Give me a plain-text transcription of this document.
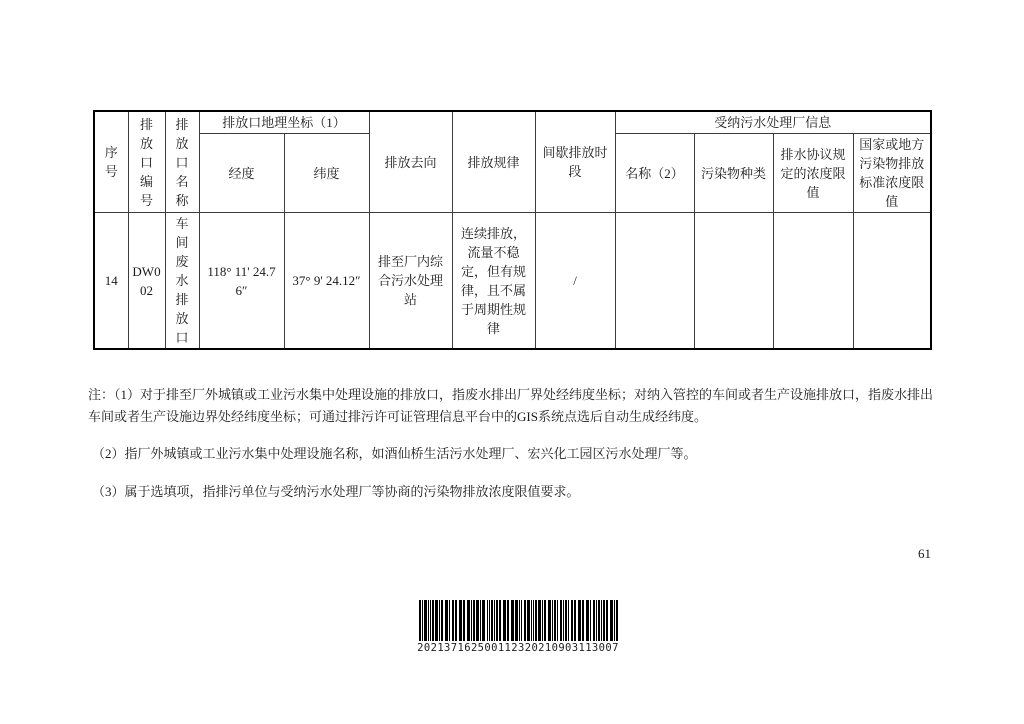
序号	排放口编号	排放口名称	排放口地理坐标（1）		排放去向	排放规律	间歇排放时段	受纳污水处理厂信息			
			经度	纬度				名称（2）	污染物种类	排水协议规定的浓度限值	国家或地方污染物排放标准浓度限值
14	DW002	车间废水排放口	118° 11' 24.76″	37° 9' 24.12″	排至厂内综合污水处理站	连续排放，流量不稳定，但有规律，且不属于周期性规律	/				
注：（1）对于排至厂外城镇或工业污水集中处理设施的排放口，指废水排出厂界处经纬度坐标；对纳入管控的车间或者生产设施排放口，指废水排出
车间或者生产设施边界处经纬度坐标；可通过排污许可证管理信息平台中的GIS系统点选后自动生成经纬度。
（2）指厂外城镇或工业污水集中处理设施名称，如酒仙桥生活污水处理厂、宏兴化工园区污水处理厂等。
（3）属于选填项，指排污单位与受纳污水处理厂等协商的污染物排放浓度限值要求。
61
202137162500112320210903113007
